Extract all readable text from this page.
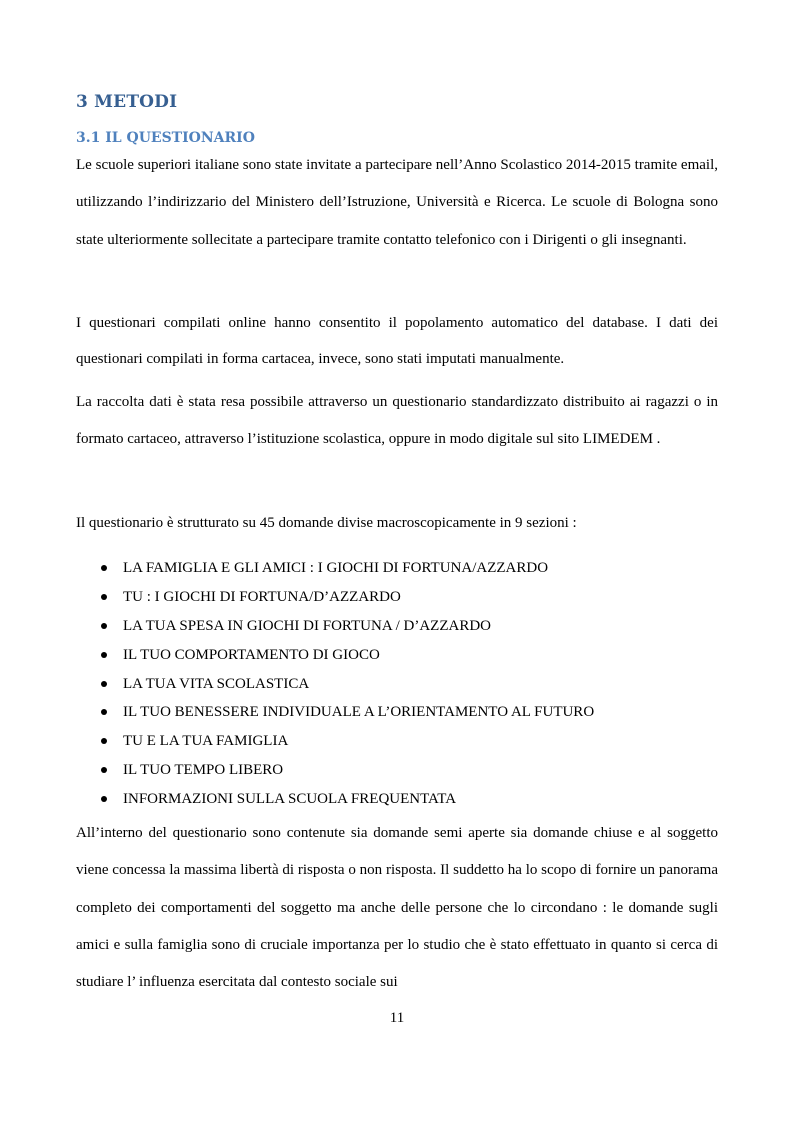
3 METODI
3.1 IL QUESTIONARIO

Le scuole superiori italiane sono state invitate a partecipare nell’Anno Scolastico 2014-2015 tramite email, utilizzando l’indirizzario del Ministero dell’Istruzione, Università e Ricerca. Le scuole di Bologna sono state ulteriormente sollecitate a partecipare tramite contatto telefonico con i Dirigenti o gli insegnanti.

I questionari compilati online hanno consentito il popolamento automatico del database. I dati dei questionari compilati in forma cartacea, invece, sono stati imputati manualmente.

La raccolta dati è stata resa possibile attraverso un questionario standardizzato distribuito ai ragazzi o in formato cartaceo, attraverso l’istituzione scolastica, oppure in modo digitale sul sito LIMEDEM .

Il questionario è strutturato su 45 domande divise macroscopicamente in 9 sezioni :

LA FAMIGLIA E GLI AMICI : I GIOCHI DI FORTUNA/AZZARDO
TU : I GIOCHI DI FORTUNA/D’AZZARDO
LA TUA SPESA IN GIOCHI DI FORTUNA / D’AZZARDO
IL TUO COMPORTAMENTO DI GIOCO
LA TUA VITA SCOLASTICA
IL TUO BENESSERE INDIVIDUALE A L’ORIENTAMENTO AL FUTURO
TU E LA TUA FAMIGLIA
IL TUO TEMPO LIBERO
INFORMAZIONI SULLA SCUOLA FREQUENTATA

All’interno del questionario sono contenute sia domande semi aperte sia domande chiuse e al soggetto viene concessa la massima libertà di risposta o non risposta. Il suddetto ha lo scopo di fornire un panorama completo dei comportamenti del soggetto ma anche delle persone che lo circondano : le domande sugli amici e sulla famiglia sono di cruciale importanza per lo studio che è stato effettuato in quanto si cerca di studiare l’ influenza esercitata dal contesto sociale sui

11
